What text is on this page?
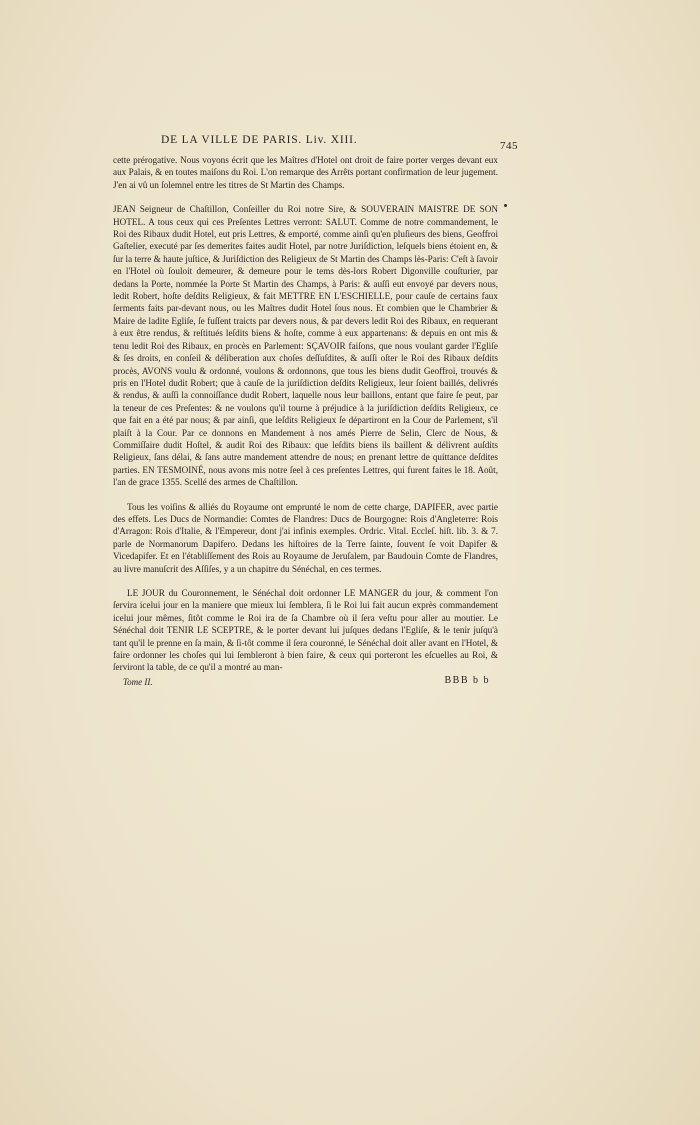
DE LA VILLE DE PARIS. Liv. XIII.	745

cette prérogative. Nous voyons écrit que les Maîtres d'Hotel ont droit de faire porter verges devant eux aux Palais, & en toutes maiſons du Roi. L'on remarque des Arrêts portant confirmation de leur jugement. J'en ai vû un ſolemnel entre les titres de St Martin des Champs.

JEAN Seigneur de Chaſtillon, Conſeiller du Roi notre Sire, & SOUVERAIN MAISTRE DE SON HOTEL. A tous ceux qui ces Preſentes Lettres verront: SALUT. Comme de notre commandement, le Roi des Ribaux dudit Hotel, eut pris Lettres, & emporté, comme ainſi qu'en pluſieurs des biens, Geoffroi Gaſtelier, executé par ſes demerites faites audit Hotel, par notre Juriſdiction, leſquels biens étoient en, & ſur la terre & haute juſtice, & Juriſdiction des Religieux de St Martin des Champs lès-Paris: C'eſt à ſavoir en l'Hotel où ſouloit demeurer, & demeure pour le tems dès-lors Robert Digonville couſturier, par dedans la Porte, nommée la Porte St Martin des Champs, à Paris: & auſſi eut envoyé par devers nous, ledit Robert, hoſte deſdits Religieux, & fait METTRE EN L'ESCHIELLE, pour cauſe de certains faux ſerments faits par-devant nous, ou les Maîtres dudit Hotel ſous nous. Et combien que le Chambrier & Maire de ladite Egliſe, ſe fuſſent traicts par devers nous, & par devers ledit Roi des Ribaux, en requerant à eux être rendus, & reſtitués leſdits biens & hoſte, comme à eux appartenans: & depuis en ont mis & tenu ledit Roi des Ribaux, en procès en Parlement: SÇAVOIR faiſons, que nous voulant garder l'Egliſe & ſes droits, en conſeil & déliberation aux choſes deſſuſdites, & auſſi oſter le Roi des Ribaux deſdits procès, AVONS voulu & ordonné, voulons & ordonnons, que tous les biens dudit Geoffroi, trouvés & pris en l'Hotel dudit Robert; que à cauſe de la juriſdiction deſdits Religieux, leur ſoient baillés, delivrés & rendus, & auſſi la connoiſſance dudit Robert, laquelle nous leur baillons, entant que faire ſe peut, par la teneur de ces Preſentes: & ne voulons qu'il tourne à préjudice à la juriſdiction deſdits Religieux, ce que fait en a été par nous; & par ainſi, que leſdits Religieux ſe départiront en la Cour de Parlement, s'il plaiſt à la Cour. Par ce donnons en Mandement à nos amés Pierre de Selin, Clerc de Nous, & Commiſſaire dudit Hoſtel, & audit Roi des Ribaux: que leſdits biens ils baillent & délivrent auſdits Religieux, ſans délai, & ſans autre mandement attendre de nous; en prenant lettre de quittance deſdites parties. EN TESMOINÉ, nous avons mis notre ſeel à ces preſentes Lettres, qui furent faites le 18. Août, l'an de grace 1355. Scellé des armes de Chaſtillon.

Tous les voiſins & alliés du Royaume ont emprunté le nom de cette charge, DAPIFER, avec partie des effets. Les Ducs de Normandie: Comtes de Flandres: Ducs de Bourgogne: Rois d'Angleterre: Rois d'Arragon: Rois d'Italie, & l'Empereur, dont j'ai infinis exemples. Ordric. Vital. Eccleſ. hiſt. lib. 3. & 7. parle de Normanorum Dapifero. Dedans les hiſtoires de la Terre ſainte, ſouvent ſe voit Dapifer & Vicedapifer. Et en l'établiſſement des Rois au Royaume de Jeruſalem, par Baudouin Comte de Flandres, au livre manuſcrit des Aſſiſes, y a un chapitre du Sénéchal, en ces termes.

LE JOUR du Couronnement, le Sénéchal doit ordonner LE MANGER du jour, & comment l'on ſervira icelui jour en la maniere que mieux lui ſemblera, ſi le Roi lui fait aucun exprès commandement icelui jour mêmes, ſitôt comme le Roi ira de ſa Chambre où il ſera veſtu pour aller au moutier. Le Sénéchal doit TENIR LE SCEPTRE, & le porter devant lui juſques dedans l'Egliſe, & le tenir juſqu'à tant qu'il le prenne en ſa main, & ſi-tôt comme il ſera couronné, le Sénéchal doit aller avant en l'Hotel, & faire ordonner les choſes qui lui ſembleront à bien faire, & ceux qui porteront les eſcuelles au Roi, & ſerviront la table, de ce qu'il a montré au man-

Tome II.	BBB b b
